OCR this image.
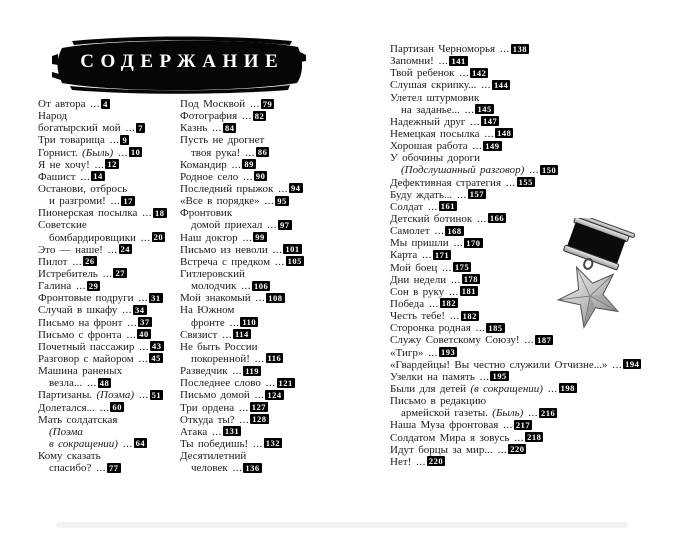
СОДЕРЖАНИЕ
От автора ... 4
Народ
богатырский мой ... 7
Три товарища ... 9
Горнист. (Быль) ... 10
Я не хочу! ... 12
Фашист ... 14
Останови, отбрось
и разгроми! ... 17
Пионерская посылка ... 18
Советские
бомбардировщики ... 20
Это — наше! ... 24
Пилот ... 26
Истребитель ... 27
Галина ... 29
Фронтовые подруги ... 31
Случай в шкафу ... 34
Письмо на фронт ... 37
Письмо с фронта ... 40
Почетный пассажир ... 43
Разговор с майором ... 45
Машина раненых
везла... ... 48
Партизаны. (Поэма) ... 51
Долетался... ... 60
Мать солдатская
(Поэма
в сокращении) ... 64
Кому сказать
спасибо? ... 77
Под Москвой ... 79
Фотография ... 82
Казнь ... 84
Пусть не дрогнет
твоя рука! ... 86
Командир ... 89
Родное село ... 90
Последний прыжок ... 94
«Все в порядке» ... 95
Фронтовик
домой приехал ... 97
Наш доктор ... 99
Письмо из неволи ... 101
Встреча с предком ... 105
Гитлеровский
молодчик ... 106
Мой знакомый ... 108
На Южном
фронте ... 110
Связист ... 114
Не быть России
покоренной! ... 116
Разведчик ... 119
Последнее слово ... 121
Письмо домой ... 124
Три ордена ... 127
Откуда ты? ... 128
Атака ... 131
Ты победишь! ... 132
Десятилетний
человек ... 136
Партизан Черноморья ... 138
Запомни! ... 141
Твой ребенок ... 142
Слушая скрипку... ... 144
Улетел штурмовик
на заданье... ... 145
Надежный друг ... 147
Немецкая посылка ... 148
Хорошая работа ... 149
У обочины дороги
(Подслушанный разговор) ... 150
Дефективная стратегия ... 155
Буду ждать... ... 157
Солдат ... 161
Детский ботинок ... 166
Самолет ... 168
Мы пришли ... 170
Карта ... 171
Мой боец ... 175
Дни недели ... 178
Сон в руку ... 181
Победа ... 182
Честь тебе! ... 182
Сторонка родная ... 185
Служу Советскому Союзу! ... 187
«Тигр» ... 193
«Гвардейцы! Вы честно служили Отчизне...» ... 194
Узелки на память ... 195
Были для детей (в сокращении) ... 198
Письмо в редакцию
армейской газеты. (Быль) ... 216
Наша Муза фронтовая ... 217
Солдатом Мира я зовусь ... 218
Идут борцы за мир... ... 220
Нет! ... 220
